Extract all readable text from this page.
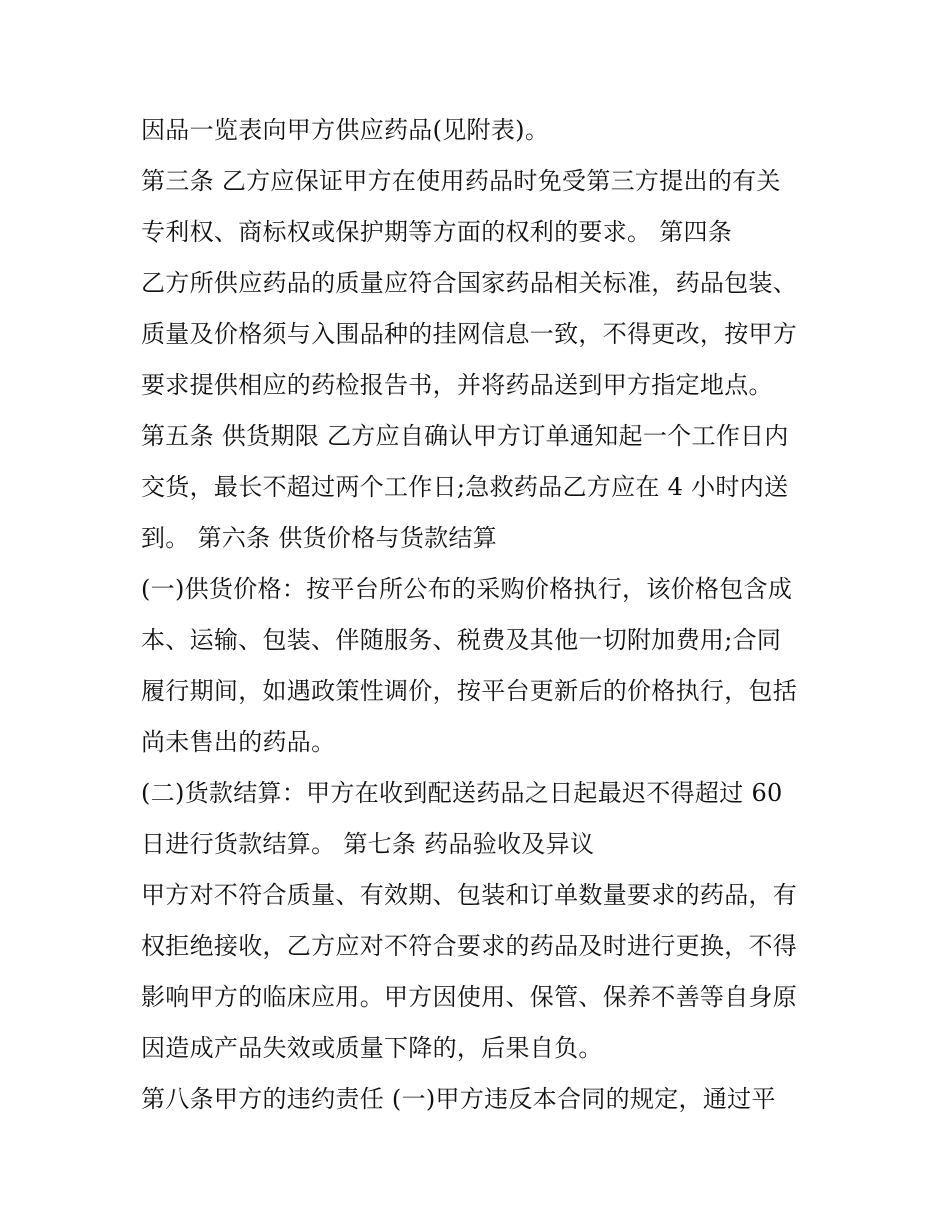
因品一览表向甲方供应药品(见附表)。
第三条 乙方应保证甲方在使用药品时免受第三方提出的有关
专利权、商标权或保护期等方面的权利的要求。 第四条
乙方所供应药品的质量应符合国家药品相关标准，药品包装、
质量及价格须与入围品种的挂网信息一致，不得更改，按甲方
要求提供相应的药检报告书，并将药品送到甲方指定地点。
第五条 供货期限 乙方应自确认甲方订单通知起一个工作日内
交货，最长不超过两个工作日;急救药品乙方应在 4 小时内送
到。 第六条 供货价格与货款结算
(一)供货价格：按平台所公布的采购价格执行，该价格包含成
本、运输、包装、伴随服务、税费及其他一切附加费用;合同
履行期间，如遇政策性调价，按平台更新后的价格执行，包括
尚未售出的药品。
(二)货款结算：甲方在收到配送药品之日起最迟不得超过 60
日进行货款结算。 第七条 药品验收及异议
甲方对不符合质量、有效期、包装和订单数量要求的药品，有
权拒绝接收，乙方应对不符合要求的药品及时进行更换，不得
影响甲方的临床应用。甲方因使用、保管、保养不善等自身原
因造成产品失效或质量下降的，后果自负。
第八条甲方的违约责任 (一)甲方违反本合同的规定，通过平
